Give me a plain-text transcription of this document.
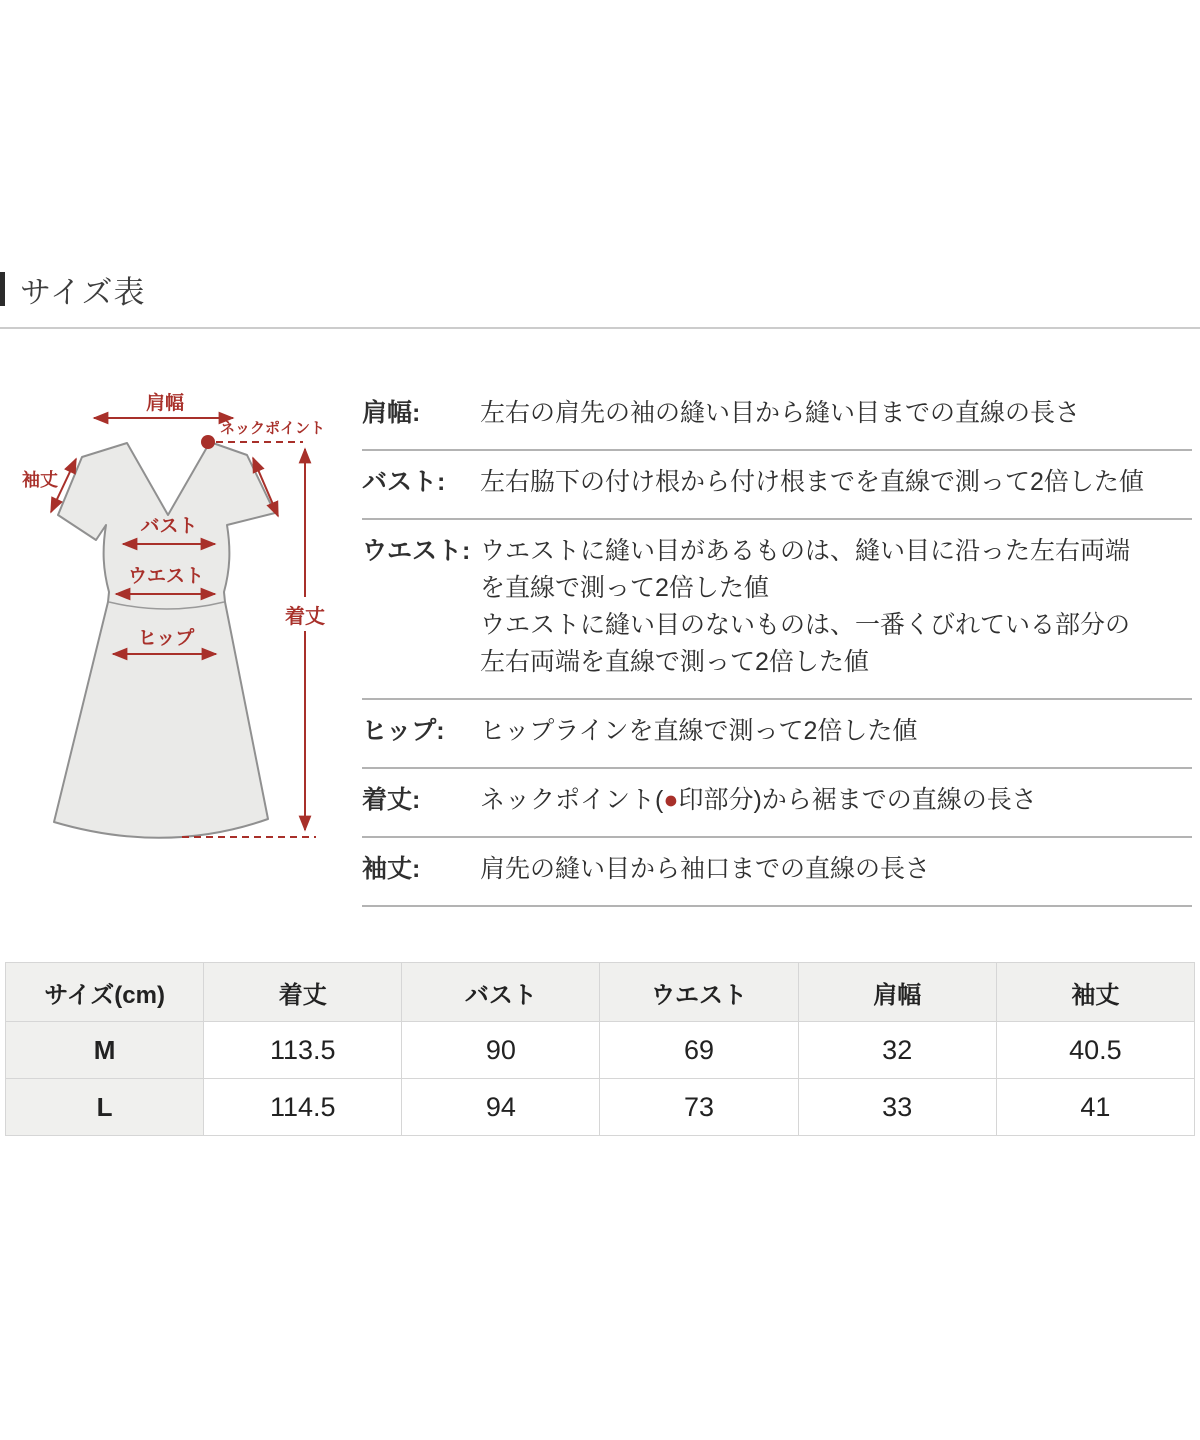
サイズ表
肩幅
ネックポイント
袖丈
バスト
ウエスト
ヒップ
着丈
肩幅:	左右の肩先の袖の縫い目から縫い目までの直線の長さ
バスト:	左右脇下の付け根から付け根までを直線で測って2倍した値
ウエスト: ウエストに縫い目があるものは、縫い目に沿った左右両端
を直線で測って2倍した値
ウエストに縫い目のないものは、一番くびれている部分の
左右両端を直線で測って2倍した値
ヒップ:	ヒップラインを直線で測って2倍した値
着丈:	ネックポイント(●印部分)から裾までの直線の長さ
袖丈:	肩先の縫い目から袖口までの直線の長さ
サイズ(cm)	着丈	バスト	ウエスト	肩幅	袖丈
M	113.5	90	69	32	40.5
L	114.5	94	73	33	41
